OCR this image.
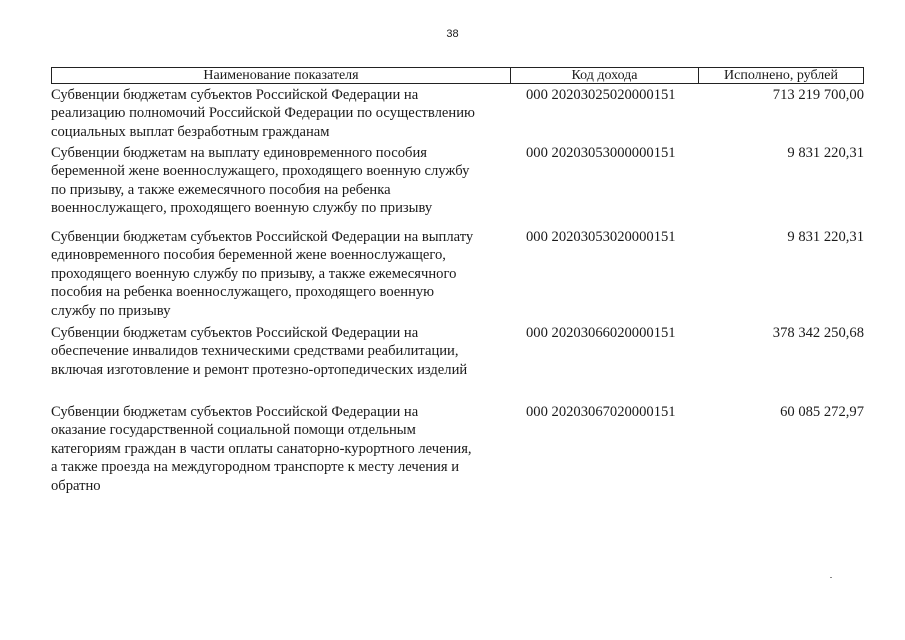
38
Наименование показателя	Код дохода	Исполнено, рублей
Субвенции бюджетам субъектов Российской Федерации на
реализацию полномочий Российской Федерации по осуществлению
социальных выплат безработным гражданам
000 20203025020000151	713 219 700,00
Субвенции бюджетам на выплату единовременного пособия
беременной жене военнослужащего, проходящего военную службу
по призыву, а также ежемесячного пособия на ребенка
военнослужащего, проходящего военную службу по призыву
000 20203053000000151	9 831 220,31
Субвенции бюджетам субъектов Российской Федерации на выплату
единовременного пособия беременной жене военнослужащего,
проходящего военную службу по призыву, а также ежемесячного
пособия на ребенка военнослужащего, проходящего военную
службу по призыву
000 20203053020000151	9 831 220,31
Субвенции бюджетам субъектов Российской Федерации на
обеспечение инвалидов техническими средствами реабилитации,
включая изготовление и ремонт протезно-ортопедических изделий
000 20203066020000151	378 342 250,68
Субвенции бюджетам субъектов Российской Федерации на
оказание государственной социальной помощи отдельным
категориям граждан в части оплаты санаторно-курортного лечения,
а также проезда на междугородном транспорте к месту лечения и
обратно
000 20203067020000151	60 085 272,97
